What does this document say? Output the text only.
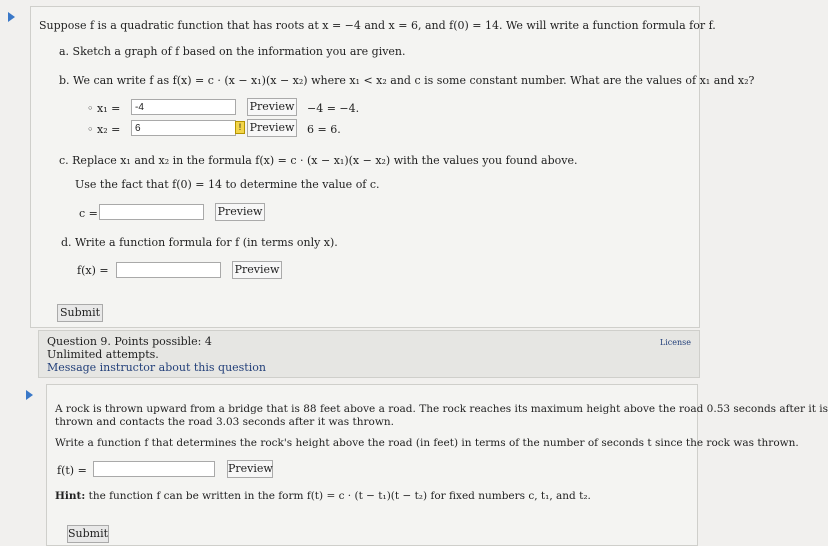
Suppose f is a quadratic function that has roots at x = −4 and x = 6, and f(0) = 14. We will write a function formula for f.
a. Sketch a graph of f based on the information you are given.
b. We can write f as f(x) = c · (x − x₁)(x − x₂) where x₁ < x₂ and c is some constant number. What are the values of x₁ and x₂?
◦ x₁ =
-4	Preview −4 = −4.
◦ x₂ =
6	! Preview 6 = 6.
c. Replace x₁ and x₂ in the formula f(x) = c · (x − x₁)(x − x₂) with the values you found above.
Use the fact that f(0) = 14 to determine the value of c.
c =	Preview
d. Write a function formula for f (in terms only x).
f(x) =	Preview
Submit
Question 9. Points possible: 4
Unlimited attempts.
Message instructor about this question
License
A rock is thrown upward from a bridge that is 88 feet above a road. The rock reaches its maximum height above the road 0.53 seconds after it is
thrown and contacts the road 3.03 seconds after it was thrown.
Write a function f that determines the rock's height above the road (in feet) in terms of the number of seconds t since the rock was thrown.
f(t) =	Preview
Hint: the function f can be written in the form f(t) = c · (t − t₁)(t − t₂) for fixed numbers c, t₁, and t₂.
Submit
